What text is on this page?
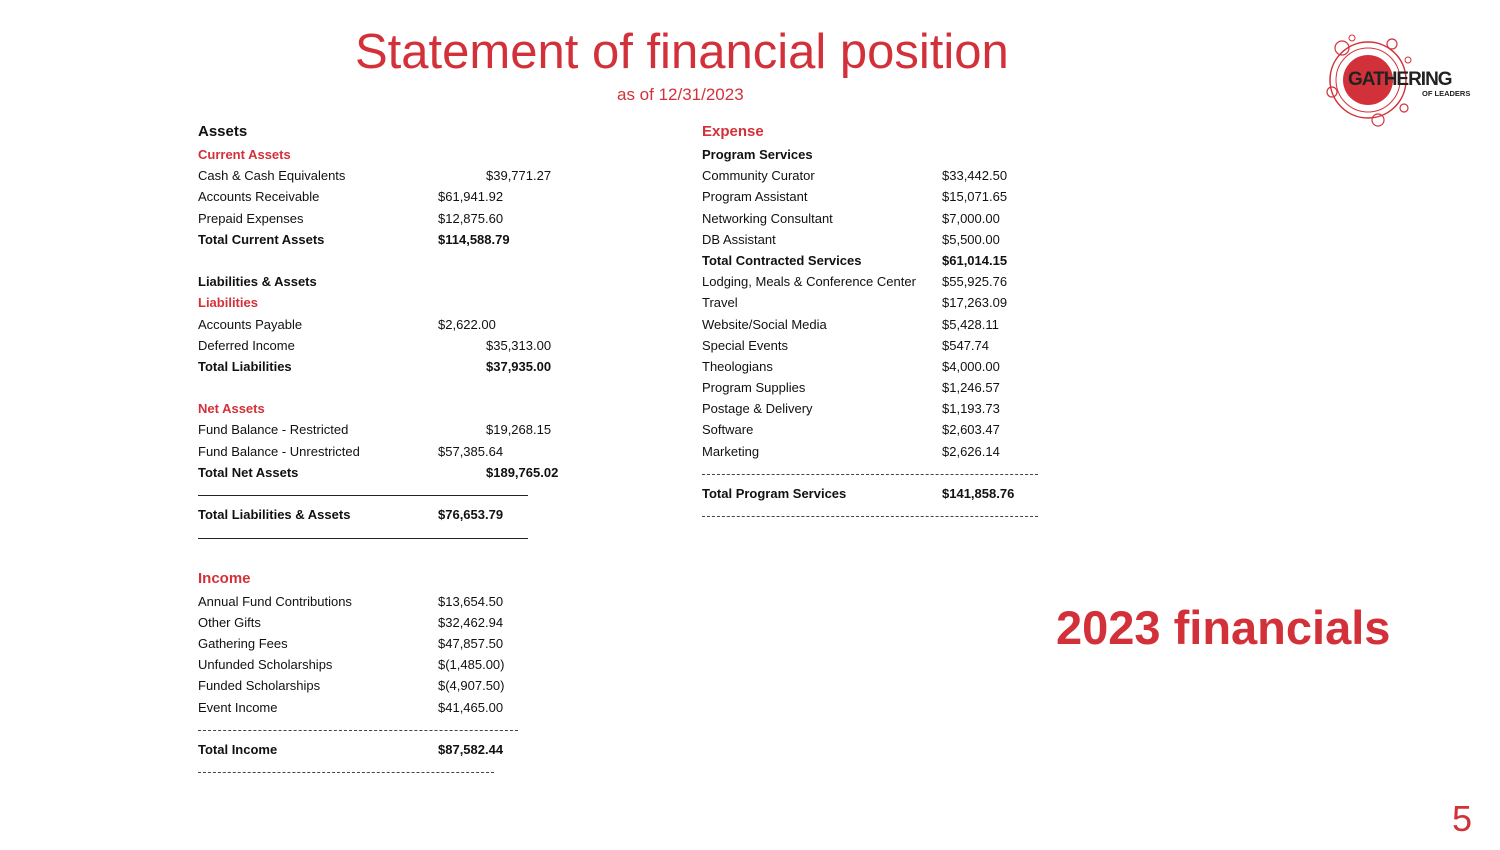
Statement of financial position
as of 12/31/2023
GATHERING
OF LEADERS
2023 financials
5
Assets
Current Assets
Cash & Cash Equivalents	$39,771.27
Accounts Receivable	$61,941.92
Prepaid Expenses	$12,875.60
Total Current Assets	$114,588.79
Liabilities & Assets
Liabilities
Accounts Payable	$2,622.00
Deferred Income	$35,313.00
Total Liabilities	$37,935.00
Net Assets
Fund Balance - Restricted	$19,268.15
Fund Balance - Unrestricted	$57,385.64
Total Net Assets	$189,765.02
Total Liabilities & Assets	$76,653.79
Income
Annual Fund Contributions	$13,654.50
Other Gifts	$32,462.94
Gathering Fees	$47,857.50
Unfunded Scholarships	$(1,485.00)
Funded Scholarships	$(4,907.50)
Event Income	$41,465.00
Total Income	$87,582.44
Expense
Program Services
Community Curator	$33,442.50
Program Assistant	$15,071.65
Networking Consultant	$7,000.00
DB Assistant	$5,500.00
Total Contracted Services	$61,014.15
Lodging, Meals & Conference Center $55,925.76
Travel	$17,263.09
Website/Social Media	$5,428.11
Special Events	$547.74
Theologians	$4,000.00
Program Supplies	$1,246.57
Postage & Delivery	$1,193.73
Software	$2,603.47
Marketing	$2,626.14
Total Program Services	$141,858.76
